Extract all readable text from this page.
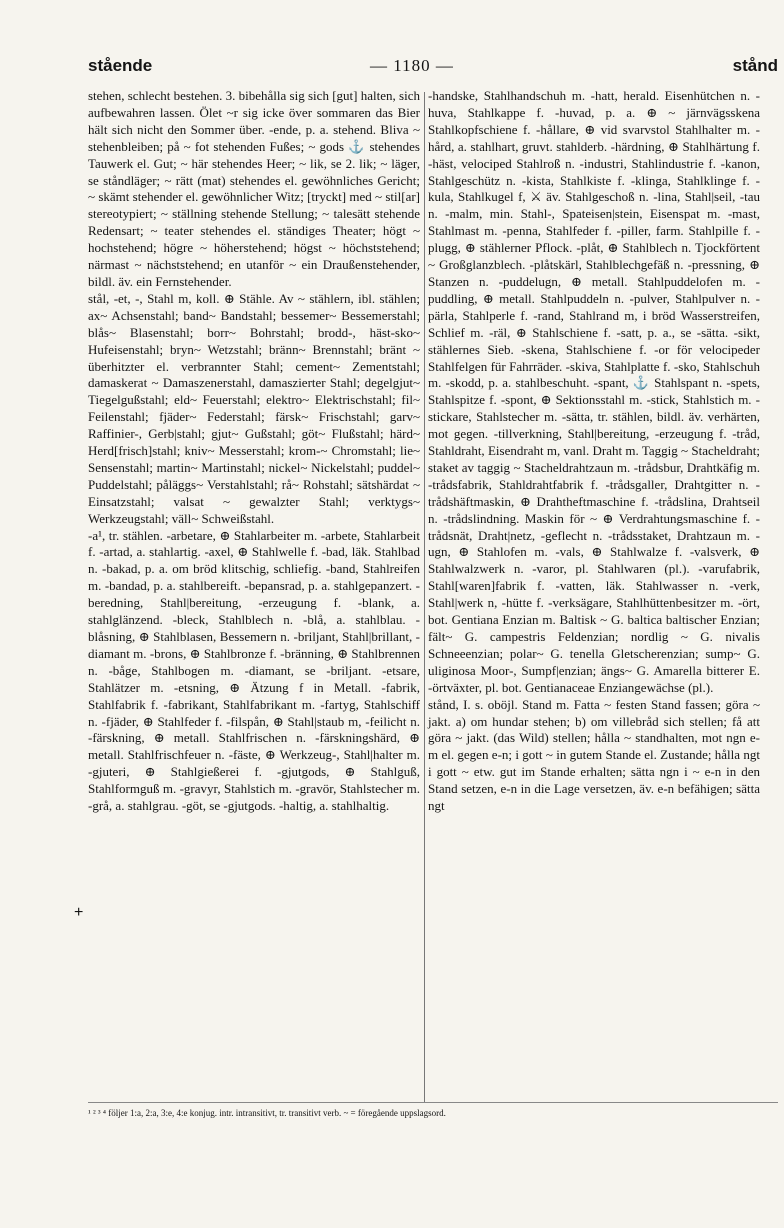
stående	— 1180 —	stånd

stehen, schlecht bestehen. 3. bibehålla sig sich [gut] halten, sich aufbewahren lassen. Ölet ~r sig icke över sommaren das Bier hält sich nicht den Sommer über. -ende, p. a. stehend. Bliva ~ stehenbleiben; på ~ fot stehenden Fußes; ~ gods ⚓ stehendes Tauwerk el. Gut; ~ här stehendes Heer; ~ lik, se 2. lik; ~ läger, se ståndläger; ~ rätt (mat) stehendes el. gewöhnliches Gericht; ~ skämt stehender el. gewöhnlicher Witz; [tryckt] med ~ stil[ar] stereotypiert; ~ ställning stehende Stellung; ~ talesätt stehende Redensart; ~ teater stehendes el. ständiges Theater; högt ~ hochstehend; högre ~ höherstehend; högst ~ höchststehend; närmast ~ nächststehend; en utanför ~ ein Draußenstehender, bildl. äv. ein Fernstehender.

stål, -et, -, Stahl m, koll. ⊕ Stähle. Av ~ stählern, ibl. stählen; ax~ Achsenstahl; band~ Bandstahl; bessemer~ Bessemerstahl; blås~ Blasenstahl; borr~ Bohrstahl; brodd-, häst-sko~ Hufeisenstahl; bryn~ Wetzstahl; bränn~ Brennstahl; bränt ~ überhitzter el. verbrannter Stahl; cement~ Zementstahl; damaskerat ~ Damaszenerstahl, damaszierter Stahl; degelgjut~ Tiegelgußstahl; eld~ Feuerstahl; elektro~ Elektrischstahl; fil~ Feilenstahl; fjäder~ Federstahl; färsk~ Frischstahl; garv~ Raffinier-, Gerb|stahl; gjut~ Gußstahl; göt~ Flußstahl; härd~ Herd[frisch]stahl; kniv~ Messerstahl; krom-~ Chromstahl; lie~ Sensenstahl; martin~ Martinstahl; nickel~ Nickelstahl; puddel~ Puddelstahl; påläggs~ Verstahlstahl; rå~ Rohstahl; sätshärdat ~ Einsatzstahl; valsat ~ gewalzter Stahl; verktygs~ Werkzeugstahl; väll~ Schweißstahl.

-a¹, tr. stählen. -arbetare, ⊕ Stahlarbeiter m. -arbete, Stahlarbeit f. -artad, a. stahlartig. -axel, ⊕ Stahlwelle f. -bad, läk. Stahlbad n. -bakad, p. a. om bröd klitschig, schliefig. -band, Stahlreifen m. -bandad, p. a. stahlbereift. -bepansrad, p. a. stahlgepanzert. -beredning, Stahl|bereitung, -erzeugung f. -blank, a. stahlglänzend. -bleck, Stahlblech n. -blå, a. stahlblau. -blåsning, ⊕ Stahlblasen, Bessemern n. -briljant, Stahl|brillant, -diamant m. -brons, ⊕ Stahlbronze f. -bränning, ⊕ Stahlbrennen n. -båge, Stahlbogen m. -diamant, se -briljant. -etsare, Stahlätzer m. -etsning, ⊕ Ätzung f in Metall. -fabrik, Stahlfabrik f. -fabrikant, Stahlfabrikant m. -fartyg, Stahlschiff n. -fjäder, ⊕ Stahlfeder f. -filspån, ⊕ Stahl|staub m, -feilicht n. -färskning, ⊕ metall. Stahlfrischen n. -färskningshärd, ⊕ metall. Stahlfrischfeuer n. -fäste, ⊕ Werkzeug-, Stahl|halter m. -gjuteri, ⊕ Stahlgießerei f. -gjutgods, ⊕ Stahlguß, Stahlformguß m. -gravyr, Stahlstich m. -gravör, Stahlstecher m. -grå, a. stahlgrau. -göt, se -gjutgods. -haltig, a. stahlhaltig.

-handske, Stahlhandschuh m. -hatt, herald. Eisenhütchen n. -huva, Stahlkappe f. -huvad, p. a. ⊕ ~ järnvägsskena Stahlkopfschiene f. -hållare, ⊕ vid svarvstol Stahlhalter m. -hård, a. stahlhart, gruvt. stahlderb. -härdning, ⊕ Stahlhärtung f. -häst, velociped Stahlroß n. -industri, Stahlindustrie f. -kanon, Stahlgeschütz n. -kista, Stahlkiste f. -klinga, Stahlklinge f. -kula, Stahlkugel f, ⚔ äv. Stahlgeschoß n. -lina, Stahl|seil, -tau n. -malm, min. Stahl-, Spateisen|stein, Eisenspat m. -mast, Stahlmast m. -penna, Stahlfeder f. -piller, farm. Stahlpille f. -plugg, ⊕ stählerner Pflock. -plåt, ⊕ Stahlblech n. Tjockförtent ~ Großglanzblech. -plåtskärl, Stahlblechgefäß n. -pressning, ⊕ Stanzen n. -puddelugn, ⊕ metall. Stahlpuddelofen m. -puddling, ⊕ metall. Stahlpuddeln n. -pulver, Stahlpulver n. -pärla, Stahlperle f. -rand, Stahlrand m, i bröd Wasserstreifen, Schlief m. -räl, ⊕ Stahlschiene f. -satt, p. a., se -sätta. -sikt, stählernes Sieb. -skena, Stahlschiene f. -or för velocipeder Stahlfelgen für Fahrräder. -skiva, Stahlplatte f. -sko, Stahlschuh m. -skodd, p. a. stahlbeschuht. -spant, ⚓ Stahlspant n. -spets, Stahlspitze f. -spont, ⊕ Sektionsstahl m. -stick, Stahlstich m. -stickare, Stahlstecher m. -sätta, tr. stählen, bildl. äv. verhärten, mot gegen. -tillverkning, Stahl|bereitung, -erzeugung f. -tråd, Stahldraht, Eisendraht m, vanl. Draht m. Taggig ~ Stacheldraht; staket av taggig ~ Stacheldrahtzaun m. -trådsbur, Drahtkäfig m. -trådsfabrik, Stahldrahtfabrik f. -trådsgaller, Drahtgitter n. -trådshäftmaskin, ⊕ Drahtheftmaschine f. -trådslina, Drahtseil n. -trådslindning. Maskin för ~ ⊕ Verdrahtungsmaschine f. -trådsnät, Draht|netz, -geflecht n. -trådsstaket, Drahtzaun m. -ugn, ⊕ Stahlofen m. -vals, ⊕ Stahlwalze f. -valsverk, ⊕ Stahlwalzwerk n. -varor, pl. Stahlwaren (pl.). -varufabrik, Stahl[waren]fabrik f. -vatten, läk. Stahlwasser n. -verk, Stahl|werk n, -hütte f. -verksägare, Stahlhüttenbesitzer m. -ört, bot. Gentiana Enzian m. Baltisk ~ G. baltica baltischer Enzian; fält~ G. campestris Feldenzian; nordlig ~ G. nivalis Schneeenzian; polar~ G. tenella Gletscherenzian; sump~ G. uliginosa Moor-, Sumpf|enzian; ängs~ G. Amarella bitterer E. -örtväxter, pl. bot. Gentianaceae Enziangewächse (pl.).

stånd, I. s. oböjl. Stand m. Fatta ~ festen Stand fassen; göra ~ jakt. a) om hundar stehen; b) om villebråd sich stellen; få att göra ~ jakt. (das Wild) stellen; hålla ~ standhalten, mot ngn e-m el. gegen e-n; i gott ~ in gutem Stande el. Zustande; hålla ngt i gott ~ etw. gut im Stande erhalten; sätta ngn i ~ e-n in den Stand setzen, e-n in die Lage versetzen, äv. e-n befähigen; sätta ngt

+
¹ ² ³ ⁴ följer 1:a, 2:a, 3:e, 4:e konjug. intr. intransitivt, tr. transitivt verb. ~ = föregående uppslagsord.
